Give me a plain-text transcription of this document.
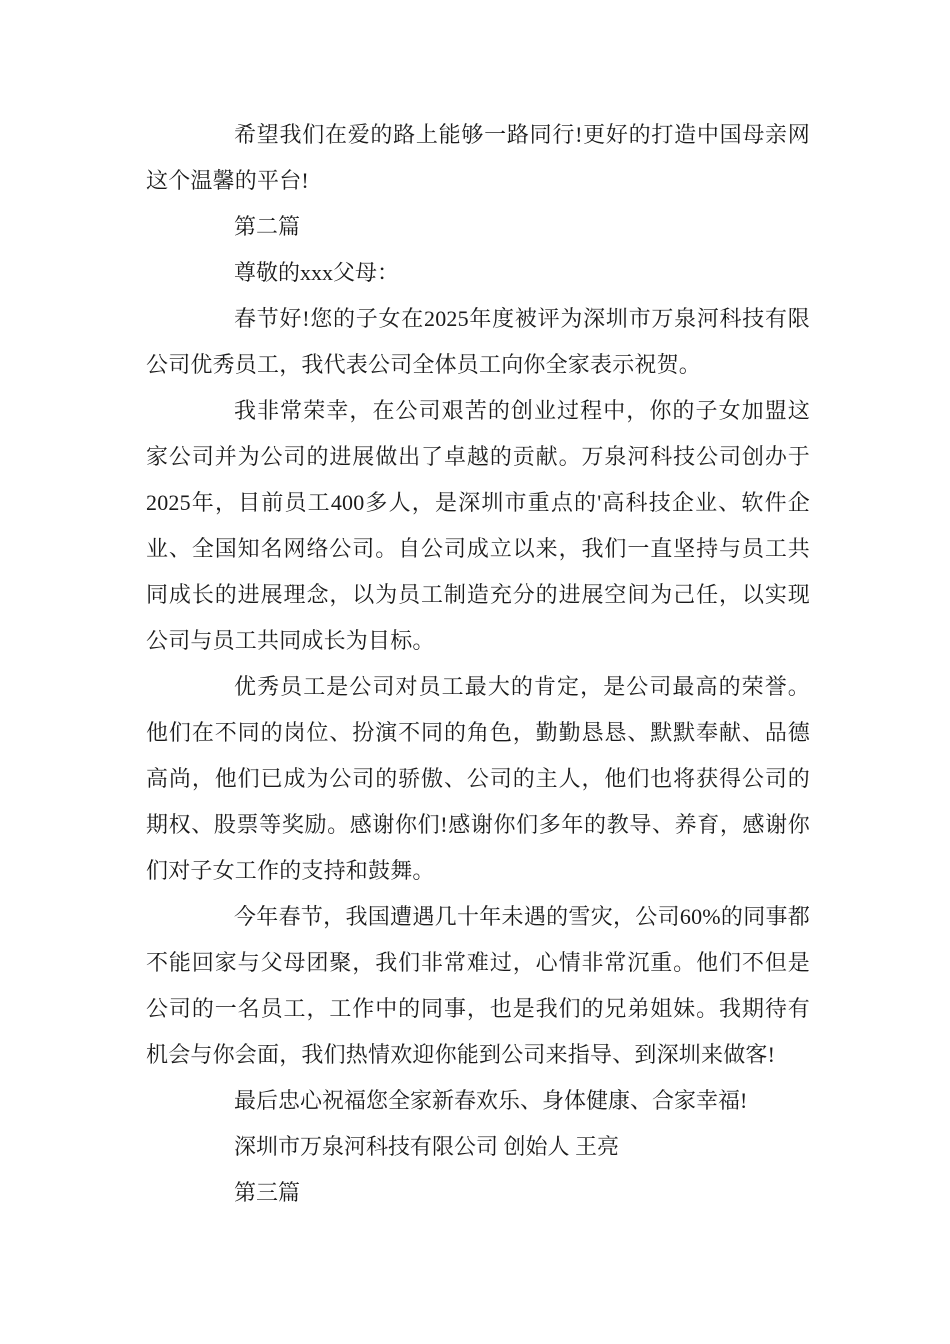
希望我们在爱的路上能够一路同行!更好的打造中国母亲网这个温馨的平台!

第二篇

尊敬的xxx父母：

春节好!您的子女在2025年度被评为深圳市万泉河科技有限公司优秀员工，我代表公司全体员工向你全家表示祝贺。

我非常荣幸，在公司艰苦的创业过程中，你的子女加盟这家公司并为公司的进展做出了卓越的贡献。万泉河科技公司创办于2025年，目前员工400多人，是深圳市重点的'高科技企业、软件企业、全国知名网络公司。自公司成立以来，我们一直坚持与员工共同成长的进展理念，以为员工制造充分的进展空间为己任，以实现公司与员工共同成长为目标。

优秀员工是公司对员工最大的肯定，是公司最高的荣誉。他们在不同的岗位、扮演不同的角色，勤勤恳恳、默默奉献、品德高尚，他们已成为公司的骄傲、公司的主人，他们也将获得公司的期权、股票等奖励。感谢你们!感谢你们多年的教导、养育，感谢你们对子女工作的支持和鼓舞。

今年春节，我国遭遇几十年未遇的雪灾，公司60%的同事都不能回家与父母团聚，我们非常难过，心情非常沉重。他们不但是公司的一名员工，工作中的同事，也是我们的兄弟姐妹。我期待有机会与你会面，我们热情欢迎你能到公司来指导、到深圳来做客!

最后忠心祝福您全家新春欢乐、身体健康、合家幸福!

深圳市万泉河科技有限公司 创始人 王亮

第三篇
